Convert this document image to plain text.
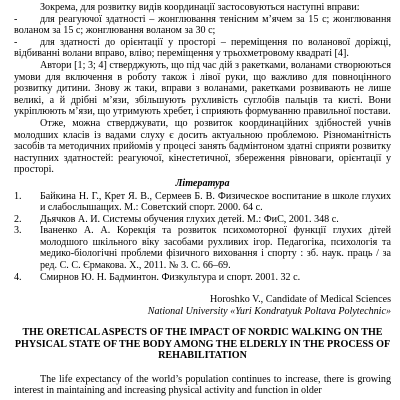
Зокрема, для розвитку видів координації застосовуються наступні вправи:

- для реагуючої здатності – жонглювання тенісним м’ячем за 15 с; жонглювання воланом за 15 с; жонглювання воланом за 30 с;

- для здатності до орієнтації у просторі – переміщення по воланової доріжці, відбиванні волани вправо, вліво; переміщення у трьохметровому квадраті [4].

Автори [1; 3; 4] стверджують, що під час дій з ракетками, воланами створюються умови для включення в роботу також і лівої руки, що важливо для повноцінного розвитку дитини. Знову ж таки, вправи з воланами, ракетками розвивають не лише великі, а й дрібні м’язи, збільшують рухливість суглобів пальців та кисті. Вони укріплюють м’язи, що утримують хребет, і сприяють формуванню правильної постави.

Отже, можна стверджувати, що розвиток координаційних здібностей учнів молодших класів із вадами слуху є досить актуальною проблемою. Різноманітність засобів та методичних прийомів у процесі занять бадмінтоном здатні сприяти розвитку наступних здатностей: реагуючої, кінестетичної, збереження рівноваги, орієнтації у просторі.

Література

1.	Байкина Н. Г., Крет Я. В., Сермеев Б. В. Физическое воспитание в школе глухих и слабослышащих. М.: Советский спорт. 2000. 64 с.
2.	Дьячков А. И. Системы обучения глухих детей. М.: ФиС, 2001. 348 с.
3.	Іваненко А. А. Корекція та розвиток психомоторної функції глухих дітей молодшого шкільного віку засобами рухливих ігор. Педагогіка, психологія та медико-біологічні проблеми фізичного виховання і спорту : зб. наук. праць / за ред. С. С. Єрмакова. Х., 2011. № 3. С. 66–69.
4.	Смирнов Ю. Н. Бадминтон. Физкультура и спорт. 2001. 32 с.

Horoshko V., Candidate of Medical Sciences

National University «Yuri Kondratyuk Poltava Polytechnic»

THE ORETICAL ASPECTS OF THE IMPACT OF NORDIC WALKING ON THE PHYSICAL STATE OF THE BODY AMONG THE ELDERLY IN THE PROCESS OF REHABILITATION

The life expectancy of the world’s population continues to increase, there is growing interest in maintaining and increasing physical activity and function in older
